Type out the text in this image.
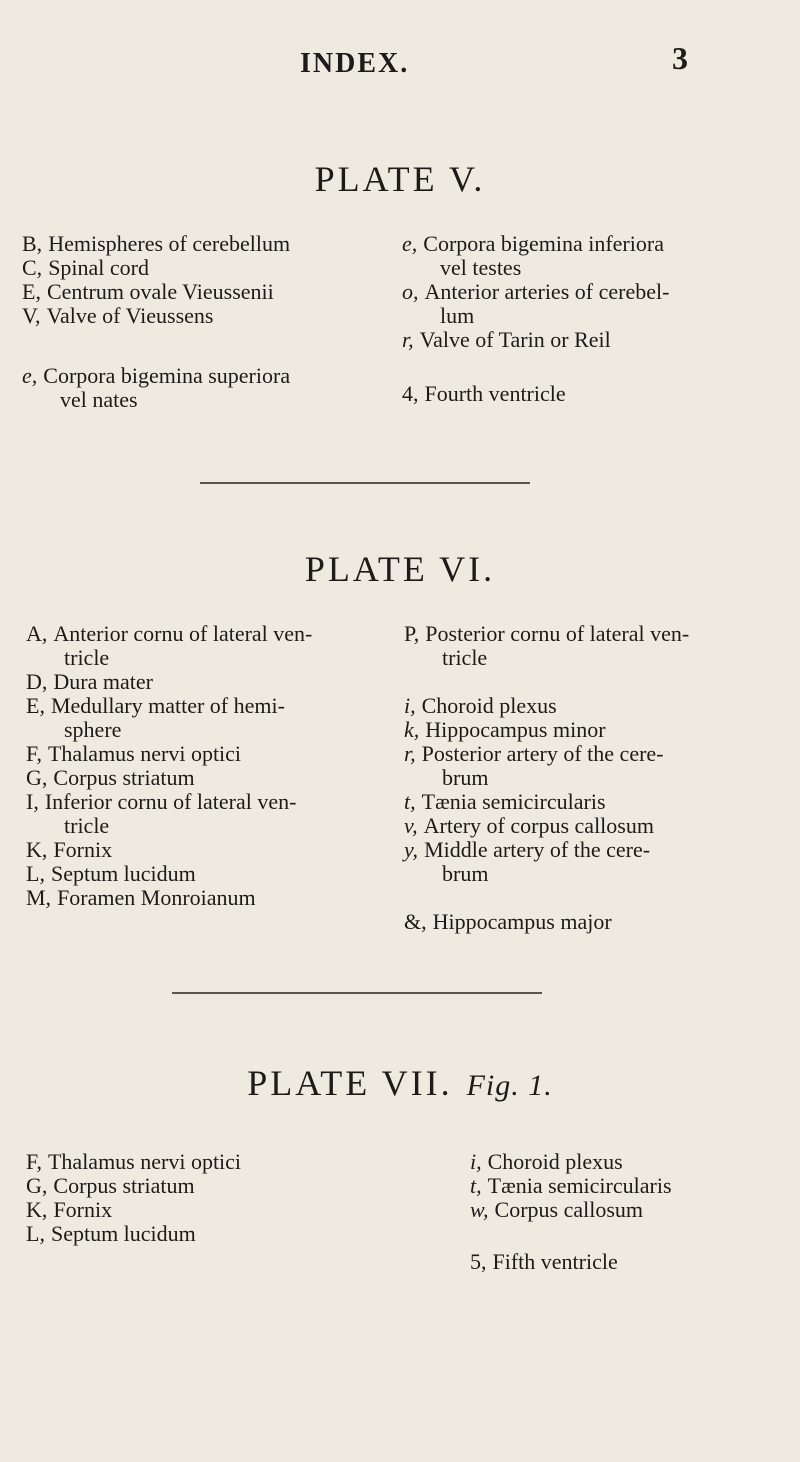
INDEX.	3
PLATE V.

B, Hemispheres of cerebellum

C, Spinal cord

E, Centrum ovale Vieussenii

V, Valve of Vieussens

e, Corpora bigemina superiora
vel nates

e, Corpora bigemina inferiora
vel testes

o, Anterior arteries of cerebel-
lum

r, Valve of Tarin or Reil

4, Fourth ventricle

PLATE VI.

A, Anterior cornu of lateral ven-
tricle

D, Dura mater

E, Medullary matter of hemi-
sphere

F, Thalamus nervi optici

G, Corpus striatum

I, Inferior cornu of lateral ven-
tricle

K, Fornix

L, Septum lucidum

M, Foramen Monroianum

P, Posterior cornu of lateral ven-
tricle

i, Choroid plexus

k, Hippocampus minor

r, Posterior artery of the cere-
brum

t, Tænia semicircularis

v, Artery of corpus callosum

y, Middle artery of the cere-
brum

&, Hippocampus major

PLATE VII. Fig. 1.

F, Thalamus nervi optici

G, Corpus striatum

K, Fornix

L, Septum lucidum

i, Choroid plexus

t, Tænia semicircularis

w, Corpus callosum

5, Fifth ventricle
